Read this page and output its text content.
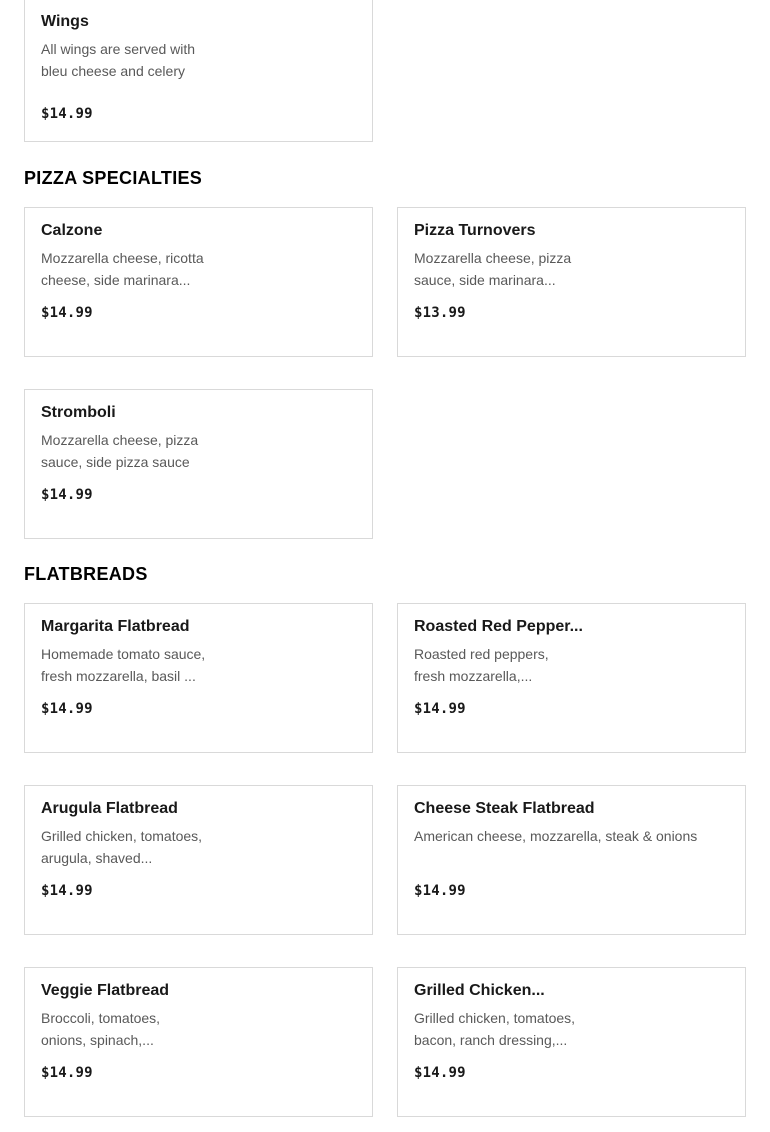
Wings
All wings are served with
bleu cheese and celery
$14.99
PIZZA SPECIALTIES
Calzone
Mozzarella cheese, ricotta
cheese, side marinara...
$14.99
Pizza Turnovers
Mozzarella cheese, pizza
sauce, side marinara...
$13.99
Stromboli
Mozzarella cheese, pizza
sauce, side pizza sauce
$14.99
FLATBREADS
Margarita Flatbread
Homemade tomato sauce,
fresh mozzarella, basil ...
$14.99
Roasted Red Pepper...
Roasted red peppers,
fresh mozzarella,...
$14.99
Arugula Flatbread
Grilled chicken, tomatoes,
arugula, shaved...
$14.99
Cheese Steak Flatbread
American cheese, mozzarella, steak & onions
$14.99
Veggie Flatbread
Broccoli, tomatoes,
onions, spinach,...
$14.99
Grilled Chicken...
Grilled chicken, tomatoes,
bacon, ranch dressing,...
$14.99
